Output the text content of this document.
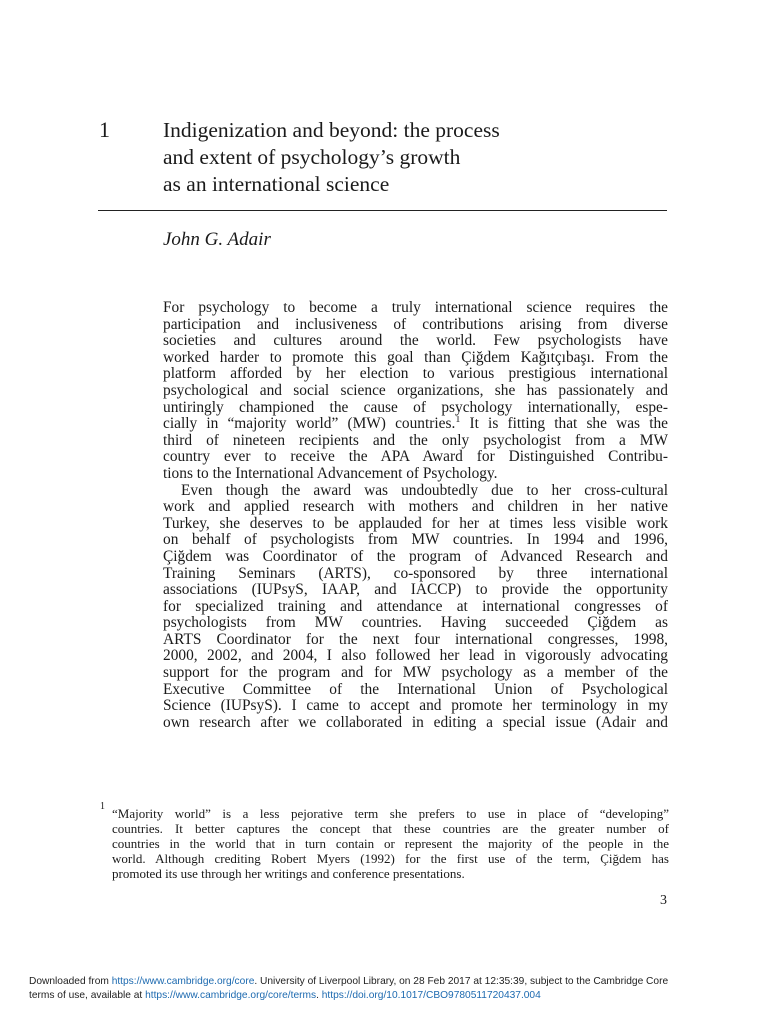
1 Indigenization and beyond: the process
and extent of psychology’s growth
as an international science
John G. Adair
For psychology to become a truly international science requires the
participation and inclusiveness of contributions arising from diverse
societies and cultures around the world. Few psychologists have
worked harder to promote this goal than Çiğdem Kağıtçıbaşı. From the
platform afforded by her election to various prestigious international
psychological and social science organizations, she has passionately and
untiringly championed the cause of psychology internationally, espe-
cially in “majority world” (MW) countries.$^1$ It is fitting that she was the
third of nineteen recipients and the only psychologist from a MW
country ever to receive the APA Award for Distinguished Contribu-
tions to the International Advancement of Psychology.
Even though the award was undoubtedly due to her cross-cultural
work and applied research with mothers and children in her native
Turkey, she deserves to be applauded for her at times less visible work
on behalf of psychologists from MW countries. In 1994 and 1996,
Çiğdem was Coordinator of the program of Advanced Research and
Training Seminars (ARTS), co-sponsored by three international
associations (IUPsyS, IAAP, and IACCP) to provide the opportunity
for specialized training and attendance at international congresses of
psychologists from MW countries. Having succeeded Çiğdem as
ARTS Coordinator for the next four international congresses, 1998,
2000, 2002, and 2004, I also followed her lead in vigorously advocating
support for the program and for MW psychology as a member of the
Executive Committee of the International Union of Psychological
Science (IUPsyS). I came to accept and promote her terminology in my
own research after we collaborated in editing a special issue (Adair and
1 “Majority world” is a less pejorative term she prefers to use in place of “developing”
countries. It better captures the concept that these countries are the greater number of
countries in the world that in turn contain or represent the majority of the people in the
world. Although crediting Robert Myers (1992) for the first use of the term, Çiğdem has
promoted its use through her writings and conference presentations.
3
Downloaded from https://www.cambridge.org/core. University of Liverpool Library, on 28 Feb 2017 at 12:35:39, subject to the Cambridge Core
terms of use, available at https://www.cambridge.org/core/terms. https://doi.org/10.1017/CBO9780511720437.004
